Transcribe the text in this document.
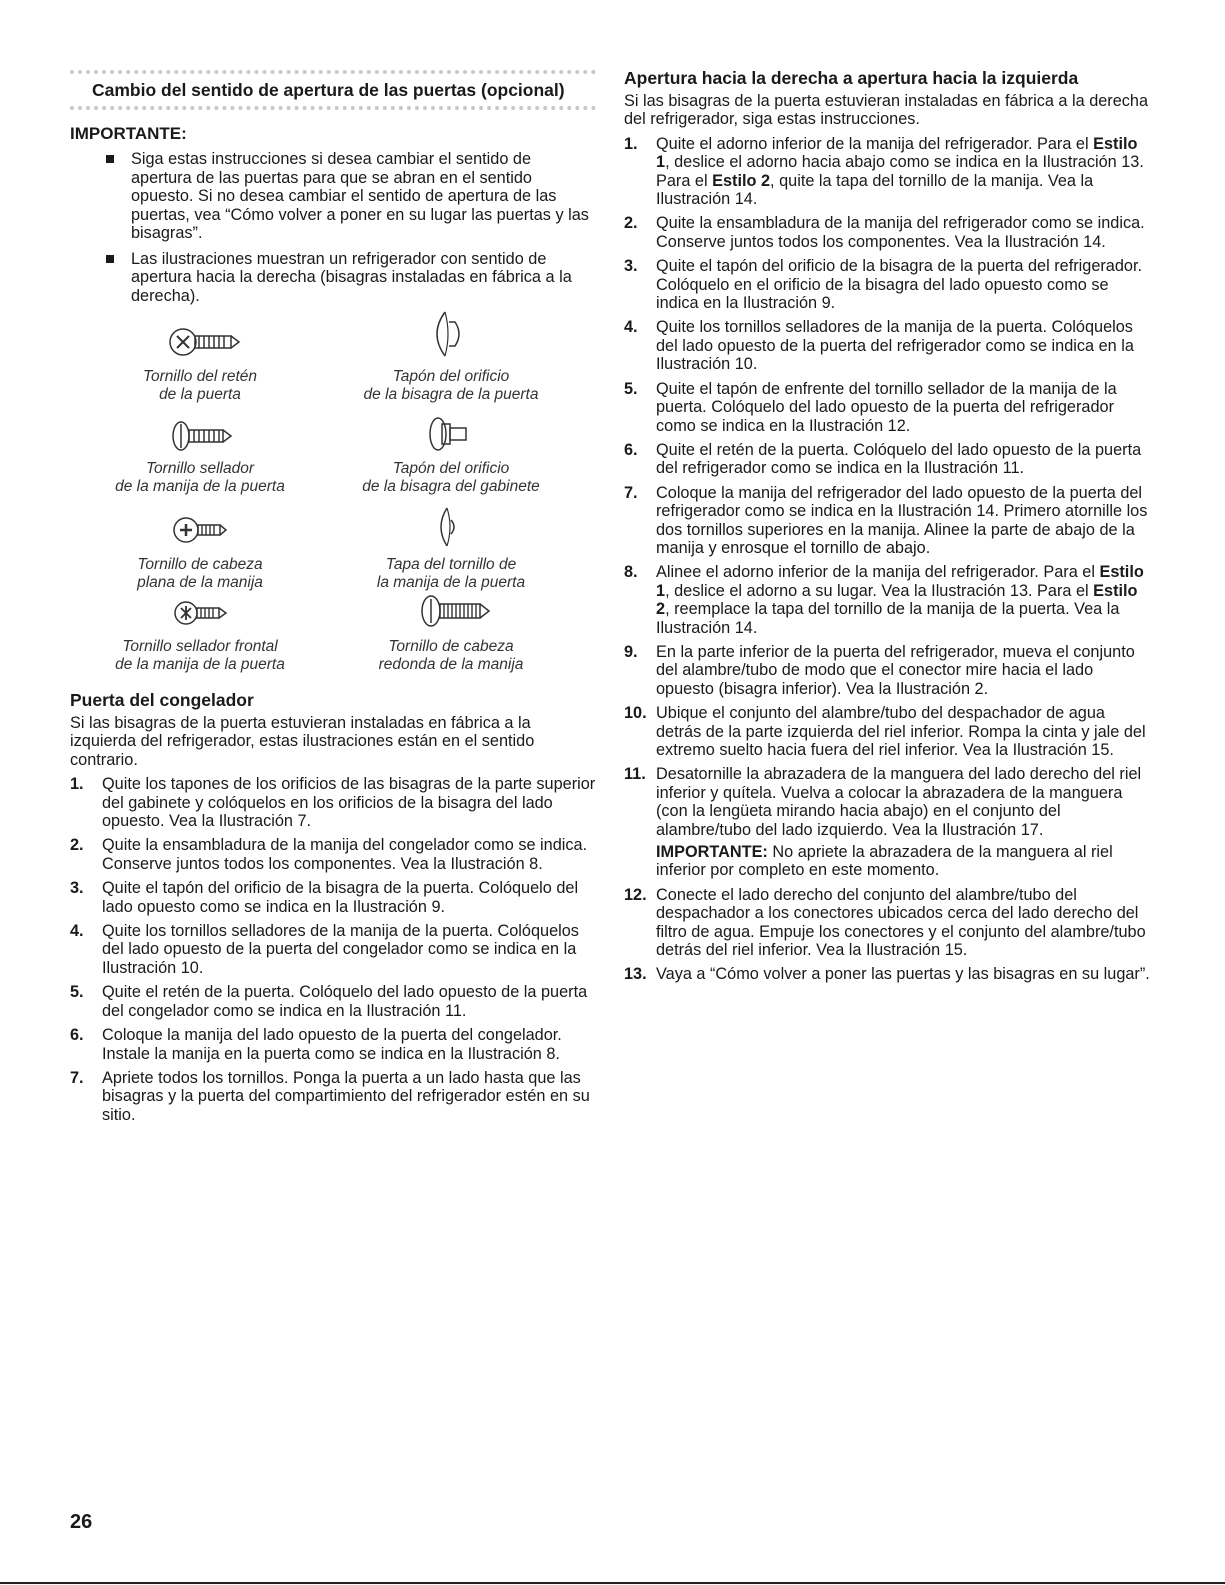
Cambio del sentido de apertura de las puertas (opcional)
IMPORTANTE:
Siga estas instrucciones si desea cambiar el sentido de apertura de las puertas para que se abran en el sentido opuesto. Si no desea cambiar el sentido de apertura de las puertas, vea “Cómo volver a poner en su lugar las puertas y las bisagras”.
Las ilustraciones muestran un refrigerador con sentido de apertura hacia la derecha (bisagras instaladas en fábrica a la derecha).
Tornillo del retén
de la puerta
Tapón del orificio
de la bisagra de la puerta
Tornillo sellador
de la manija de la puerta
Tapón del orificio
de la bisagra del gabinete
Tornillo de cabeza
plana de la manija
Tapa del tornillo de
la manija de la puerta
Tornillo sellador frontal
de la manija de la puerta
Tornillo de cabeza
redonda de la manija
Puerta del congelador

Si las bisagras de la puerta estuvieran instaladas en fábrica a la izquierda del refrigerador, estas ilustraciones están en el sentido contrario.

1. Quite los tapones de los orificios de las bisagras de la parte superior del gabinete y colóquelos en los orificios de la bisagra del lado opuesto. Vea la Ilustración 7.
2. Quite la ensambladura de la manija del congelador como se indica. Conserve juntos todos los componentes. Vea la Ilustración 8.
3. Quite el tapón del orificio de la bisagra de la puerta. Colóquelo del lado opuesto como se indica en la Ilustración 9.
4. Quite los tornillos selladores de la manija de la puerta. Colóquelos del lado opuesto de la puerta del congelador como se indica en la Ilustración 10.
5. Quite el retén de la puerta. Colóquelo del lado opuesto de la puerta del congelador como se indica en la Ilustración 11.
6. Coloque la manija del lado opuesto de la puerta del congelador. Instale la manija en la puerta como se indica en la Ilustración 8.
7. Apriete todos los tornillos. Ponga la puerta a un lado hasta que las bisagras y la puerta del compartimiento del refrigerador estén en su sitio.
Apertura hacia la derecha a apertura hacia la izquierda

Si las bisagras de la puerta estuvieran instaladas en fábrica a la derecha del refrigerador, siga estas instrucciones.

1. Quite el adorno inferior de la manija del refrigerador. Para el Estilo 1, deslice el adorno hacia abajo como se indica en la Ilustración 13. Para el Estilo 2, quite la tapa del tornillo de la manija. Vea la Ilustración 14.
2. Quite la ensambladura de la manija del refrigerador como se indica. Conserve juntos todos los componentes. Vea la Ilustración 14.
3. Quite el tapón del orificio de la bisagra de la puerta del refrigerador. Colóquelo en el orificio de la bisagra del lado opuesto como se indica en la Ilustración 9.
4. Quite los tornillos selladores de la manija de la puerta. Colóquelos del lado opuesto de la puerta del refrigerador como se indica en la Ilustración 10.
5. Quite el tapón de enfrente del tornillo sellador de la manija de la puerta. Colóquelo del lado opuesto de la puerta del refrigerador como se indica en la Ilustración 12.
6. Quite el retén de la puerta. Colóquelo del lado opuesto de la puerta del refrigerador como se indica en la Ilustración 11.
7. Coloque la manija del refrigerador del lado opuesto de la puerta del refrigerador como se indica en la Ilustración 14. Primero atornille los dos tornillos superiores en la manija. Alinee la parte de abajo de la manija y enrosque el tornillo de abajo.
8. Alinee el adorno inferior de la manija del refrigerador. Para el Estilo 1, deslice el adorno a su lugar. Vea la Ilustración 13. Para el Estilo 2, reemplace la tapa del tornillo de la manija de la puerta. Vea la Ilustración 14.
9. En la parte inferior de la puerta del refrigerador, mueva el conjunto del alambre/tubo de modo que el conector mire hacia el lado opuesto (bisagra inferior). Vea la Ilustración 2.
10. Ubique el conjunto del alambre/tubo del despachador de agua detrás de la parte izquierda del riel inferior. Rompa la cinta y jale del extremo suelto hacia fuera del riel inferior. Vea la Ilustración 15.
11. Desatornille la abrazadera de la manguera del lado derecho del riel inferior y quítela. Vuelva a colocar la abrazadera de la manguera (con la lengüeta mirando hacia abajo) en el conjunto del alambre/tubo del lado izquierdo. Vea la Ilustración 17.
IMPORTANTE: No apriete la abrazadera de la manguera al riel inferior por completo en este momento.
12. Conecte el lado derecho del conjunto del alambre/tubo del despachador a los conectores ubicados cerca del lado derecho del filtro de agua. Empuje los conectores y el conjunto del alambre/tubo detrás del riel inferior. Vea la Ilustración 15.
13. Vaya a “Cómo volver a poner las puertas y las bisagras en su lugar”.
26
